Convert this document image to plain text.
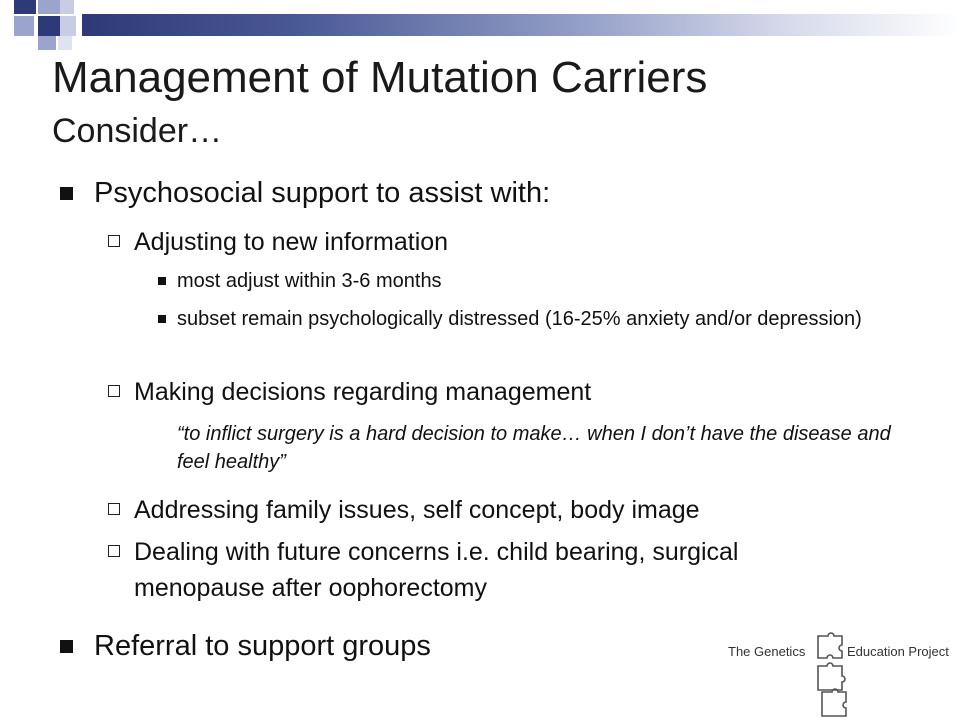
Management of Mutation Carriers
Consider…
Psychosocial support to assist with:
Adjusting to new information
most adjust within 3-6 months
subset remain psychologically distressed (16-25% anxiety and/or depression)
Making decisions regarding management
“to inflict surgery is a hard decision to make… when I don’t have the disease and feel healthy”
Addressing family issues, self concept, body image
Dealing with future concerns i.e. child bearing, surgical menopause after oophorectomy
Referral to support groups	The Genetics	Education Project
